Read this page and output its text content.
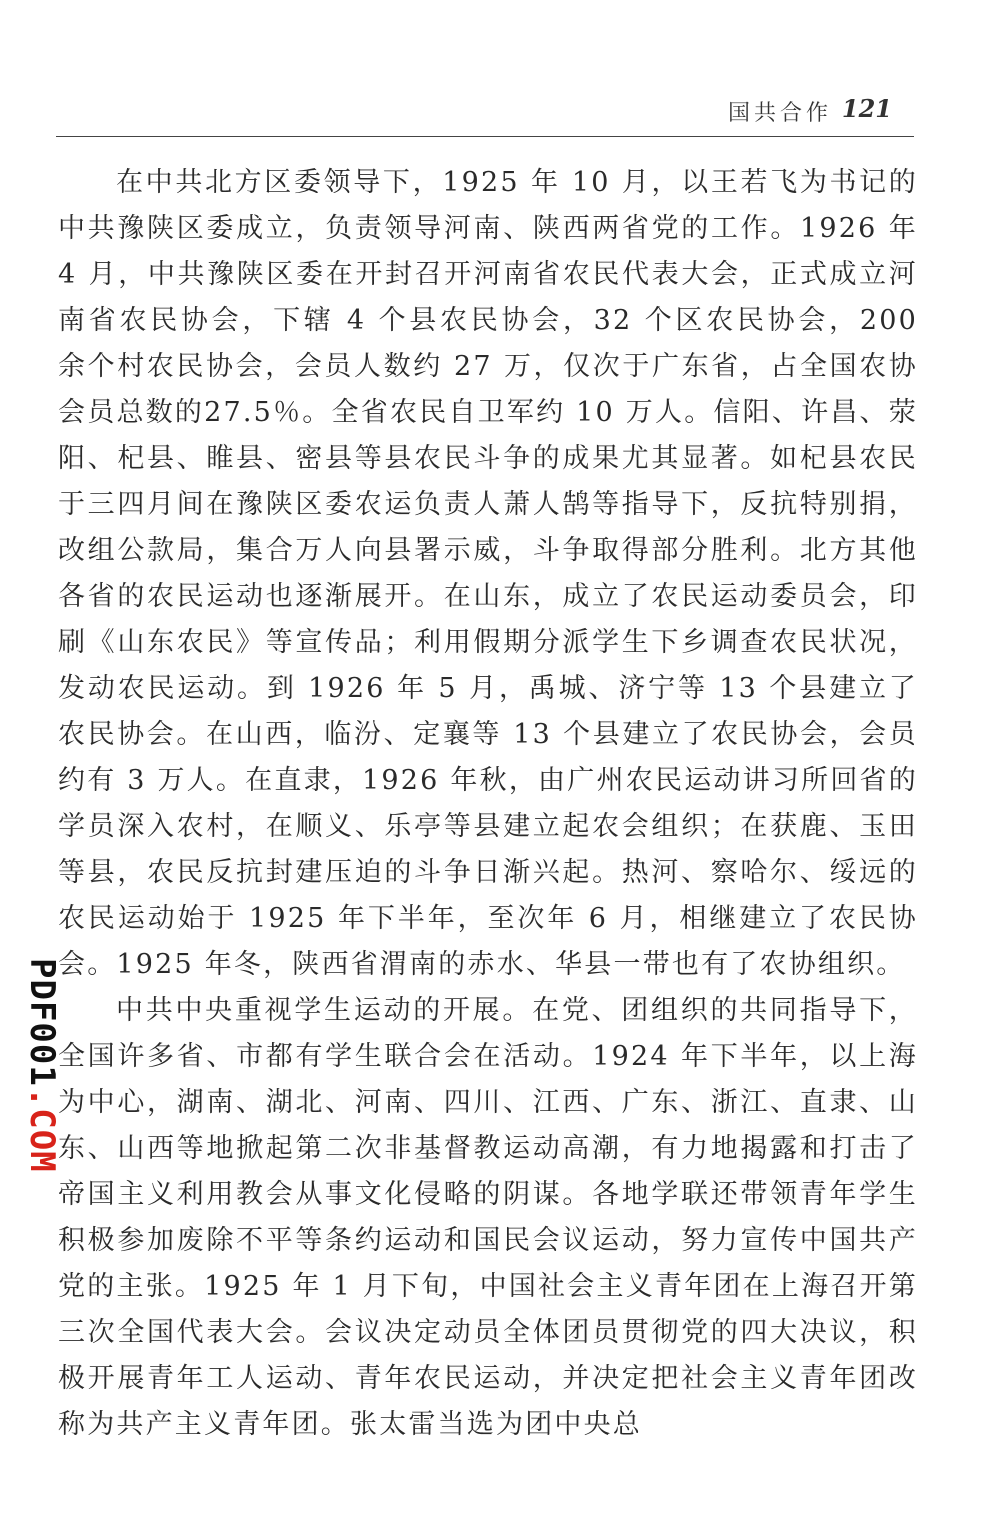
国共合作 121

在中共北方区委领导下，1925 年 10 月，以王若飞为书记的中共豫陕区委成立，负责领导河南、陕西两省党的工作。1926 年 4 月，中共豫陕区委在开封召开河南省农民代表大会，正式成立河南省农民协会，下辖 4 个县农民协会，32 个区农民协会，200 余个村农民协会，会员人数约 27 万，仅次于广东省，占全国农协会员总数的27.5％。全省农民自卫军约 10 万人。信阳、许昌、荥阳、杞县、睢县、密县等县农民斗争的成果尤其显著。如杞县农民于三四月间在豫陕区委农运负责人萧人鹄等指导下，反抗特别捐，改组公款局，集合万人向县署示威，斗争取得部分胜利。北方其他各省的农民运动也逐渐展开。在山东，成立了农民运动委员会，印刷《山东农民》等宣传品；利用假期分派学生下乡调查农民状况，发动农民运动。到 1926 年 5 月，禹城、济宁等 13 个县建立了农民协会。在山西，临汾、定襄等 13 个县建立了农民协会，会员约有 3 万人。在直隶，1926 年秋，由广州农民运动讲习所回省的学员深入农村，在顺义、乐亭等县建立起农会组织；在获鹿、玉田等县，农民反抗封建压迫的斗争日渐兴起。热河、察哈尔、绥远的农民运动始于 1925 年下半年，至次年 6 月，相继建立了农民协会。1925 年冬，陕西省渭南的赤水、华县一带也有了农协组织。

中共中央重视学生运动的开展。在党、团组织的共同指导下，全国许多省、市都有学生联合会在活动。1924 年下半年，以上海为中心，湖南、湖北、河南、四川、江西、广东、浙江、直隶、山东、山西等地掀起第二次非基督教运动高潮，有力地揭露和打击了帝国主义利用教会从事文化侵略的阴谋。各地学联还带领青年学生积极参加废除不平等条约运动和国民会议运动，努力宣传中国共产党的主张。1925 年 1 月下旬，中国社会主义青年团在上海召开第三次全国代表大会。会议决定动员全体团员贯彻党的四大决议，积极开展青年工人运动、青年农民运动，并决定把社会主义青年团改称为共产主义青年团。张太雷当选为团中央总

PDF001.COM
